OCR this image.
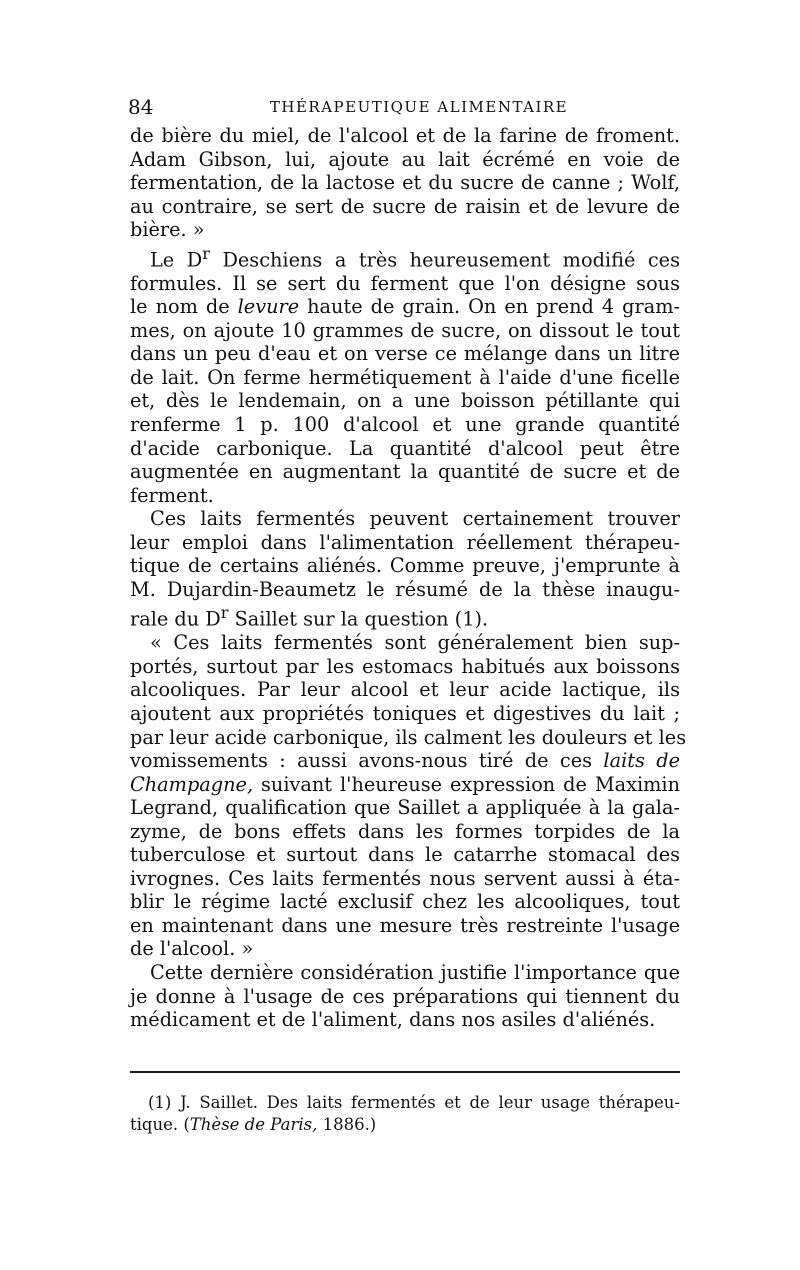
84	THÉRAPEUTIQUE ALIMENTAIRE
de bière du miel, de l'alcool et de la farine de froment.
Adam Gibson, lui, ajoute au lait écrémé en voie de
fermentation, de la lactose et du sucre de canne ; Wolf,
au contraire, se sert de sucre de raisin et de levure de
bière. »
Le $D^r$ Deschiens a très heureusement modifié ces
formules. Il se sert du ferment que l'on désigne sous
le nom de levure haute de grain. On en prend 4 gram-
mes, on ajoute 10 grammes de sucre, on dissout le tout
dans un peu d'eau et on verse ce mélange dans un litre
de lait. On ferme hermétiquement à l'aide d'une ficelle
et, dès le lendemain, on a une boisson pétillante qui
renferme 1 p. 100 d'alcool et une grande quantité
d'acide carbonique. La quantité d'alcool peut être
augmentée en augmentant la quantité de sucre et de
ferment.
Ces laits fermentés peuvent certainement trouver
leur emploi dans l'alimentation réellement thérapeu-
tique de certains aliénés. Comme preuve, j'emprunte à
M. Dujardin-Beaumetz le résumé de la thèse inaugu-
rale du $D^r$ Saillet sur la question (1).
« Ces laits fermentés sont généralement bien sup-
portés, surtout par les estomacs habitués aux boissons
alcooliques. Par leur alcool et leur acide lactique, ils
ajoutent aux propriétés toniques et digestives du lait ;
par leur acide carbonique, ils calment les douleurs et les
vomissements : aussi avons-nous tiré de ces laits de
Champagne, suivant l'heureuse expression de Maximin
Legrand, qualification que Saillet a appliquée à la gala-
zyme, de bons effets dans les formes torpides de la
tuberculose et surtout dans le catarrhe stomacal des
ivrognes. Ces laits fermentés nous servent aussi à éta-
blir le régime lacté exclusif chez les alcooliques, tout
en maintenant dans une mesure très restreinte l'usage
de l'alcool. »
Cette dernière considération justifie l'importance que
je donne à l'usage de ces préparations qui tiennent du
médicament et de l'aliment, dans nos asiles d'aliénés.
(1) J. Saillet. Des laits fermentés et de leur usage thérapeu-
tique. (Thèse de Paris, 1886.)
